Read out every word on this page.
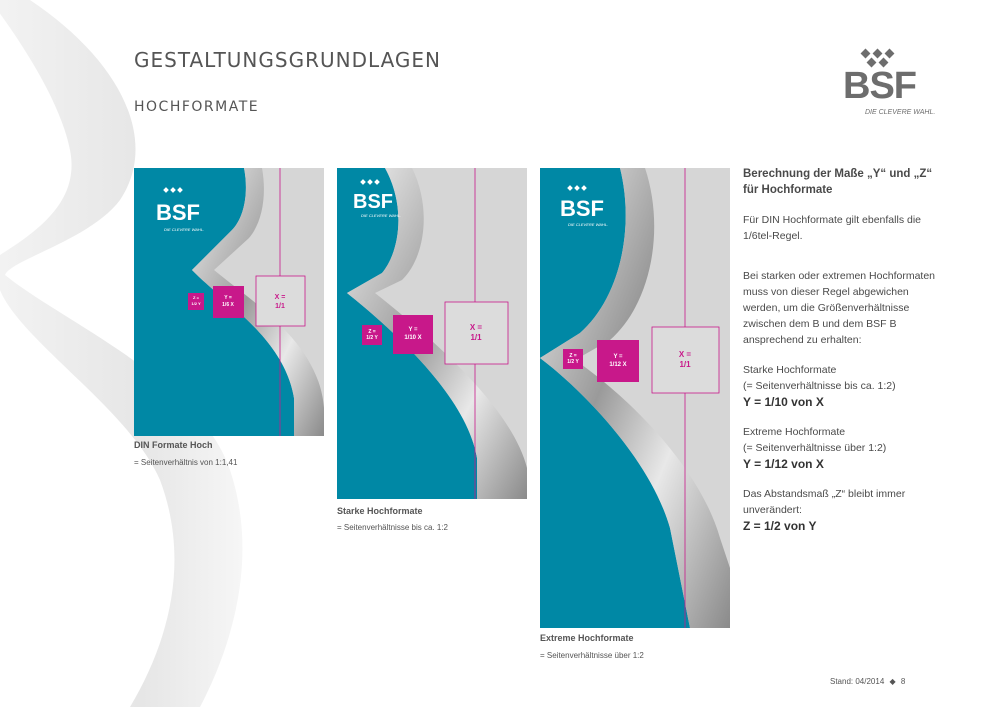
GESTALTUNGSGRUNDLAGEN
HOCHFORMATE	BSF
DIE CLEVERE WAHL.
BSF
DIE CLEVERE WAHL.
Z =
1/2 Y
Y =
1/6 X
X =
1/1
DIN Formate Hoch
= Seitenverhältnis von 1:1,41
BSF
DIE CLEVERE WAHL.
Z =
1/2 Y
Y =
1/10 X
X =
1/1
Starke Hochformate
= Seitenverhältnisse bis ca. 1:2
BSF
DIE CLEVERE WAHL.
Z =
1/2 Y
Y =
1/12 X
X =
1/1
Extreme Hochformate
= Seitenverhältnisse über 1:2

Berechnung der Maße „Y“ und „Z“ für Hochformate

Für DIN Hochformate gilt ebenfalls die 1/6tel-Regel.

Bei starken oder extremen Hochformaten muss von dieser Regel abgewichen werden, um die Größenverhältnisse zwischen dem B und dem BSF B ansprechend zu erhalten:

Starke Hochformate

(= Seitenverhältnisse bis ca. 1:2)

Y = 1/10 von X

Extreme Hochformate

(= Seitenverhältnisse über 1:2)

Y = 1/12 von X

Das Abstandsmaß „Z“ bleibt immer unverändert:

Z = 1/2 von Y

Stand: 04/2014 ◆ 8
